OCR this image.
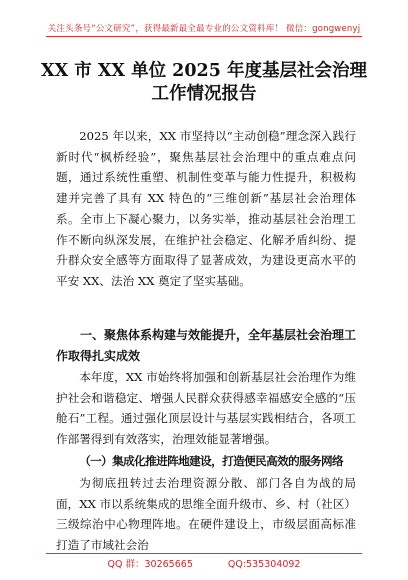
关注头条号“公文研究”，获得最新最全最专业的公文资料库！ 微信：gongwenyj
XX 市 XX 单位 2025 年度基层社会治理工作情况报告
2025 年以来，XX 市坚持以“主动创稳”理念深入践行新时代“枫桥经验”，聚焦基层社会治理中的重点难点问题，通过系统性重塑、机制性变革与能力性提升，积极构建并完善了具有 XX 特色的“三维创新”基层社会治理体系。全市上下凝心聚力，以务实举，推动基层社会治理工作不断向纵深发展，在维护社会稳定、化解矛盾纠纷、提升群众安全感等方面取得了显著成效，为建设更高水平的平安 XX、法治 XX 奠定了坚实基础。
一、聚焦体系构建与效能提升，全年基层社会治理工作取得扎实成效
本年度，XX 市始终将加强和创新基层社会治理作为维护社会和谐稳定、增强人民群众获得感幸福感安全感的“压舱石”工程。通过强化顶层设计与基层实践相结合，各项工作部署得到有效落实，治理效能显著增强。
（一）集成化推进阵地建设，打造便民高效的服务网络
为彻底扭转过去治理资源分散、部门各自为战的局面，XX 市以系统集成的思维全面升级市、乡、村（社区）三级综治中心物理阵地。在硬件建设上，市级层面高标准打造了市域社会治
QQ 群：30265665	QQ:535304092
